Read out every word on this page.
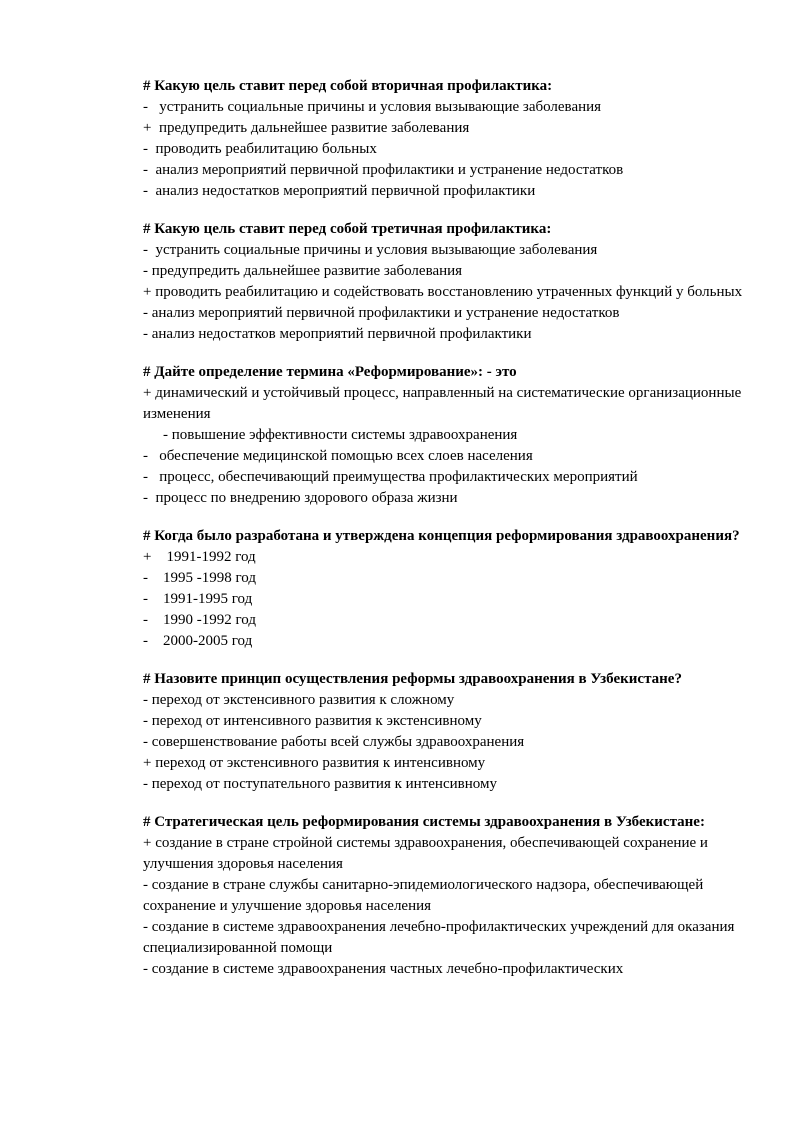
# Какую цель ставит перед собой вторичная профилактика:

-   устранить социальные причины и условия вызывающие заболевания

+  предупредить дальнейшее развитие заболевания

-  проводить реабилитацию больных

-  анализ мероприятий первичной профилактики и устранение недостатков

-  анализ недостатков мероприятий первичной профилактики

# Какую цель ставит перед собой третичная профилактика:

-  устранить социальные причины и условия вызывающие заболевания

- предупредить дальнейшее развитие заболевания

+ проводить реабилитацию и содействовать восстановлению утраченных функций у больных

- анализ мероприятий первичной профилактики и устранение недостатков

- анализ недостатков мероприятий первичной профилактики

# Дайте определение термина «Реформирование»: - это

+ динамический и устойчивый процесс, направленный на систематические организационные изменения

- повышение эффективности системы здравоохранения

-   обеспечение медицинской помощью всех слоев населения

-   процесс, обеспечивающий преимущества профилактических мероприятий

-  процесс по внедрению здорового образа жизни

# Когда было разработана и утверждена концепция реформирования здравоохранения?

+    1991-1992 год

-    1995 -1998 год

-    1991-1995 год

-    1990 -1992 год

-    2000-2005 год

# Назовите принцип осуществления реформы здравоохранения в Узбекистане?

- переход от экстенсивного развития к сложному

- переход от интенсивного развития к экстенсивному

- совершенствование работы всей службы здравоохранения

+ переход от экстенсивного развития к интенсивному

- переход от поступательного развития к интенсивному

# Стратегическая цель реформирования системы здравоохранения в Узбекистане:

+ создание в стране стройной системы здравоохранения, обеспечивающей сохранение и улучшения здоровья населения

- создание в стране службы санитарно-эпидемиологического надзора, обеспечивающей сохранение и улучшение здоровья населения

- создание в системе здравоохранения лечебно-профилактических учреждений для оказания специализированной помощи

- создание в системе здравоохранения частных лечебно-профилактических
